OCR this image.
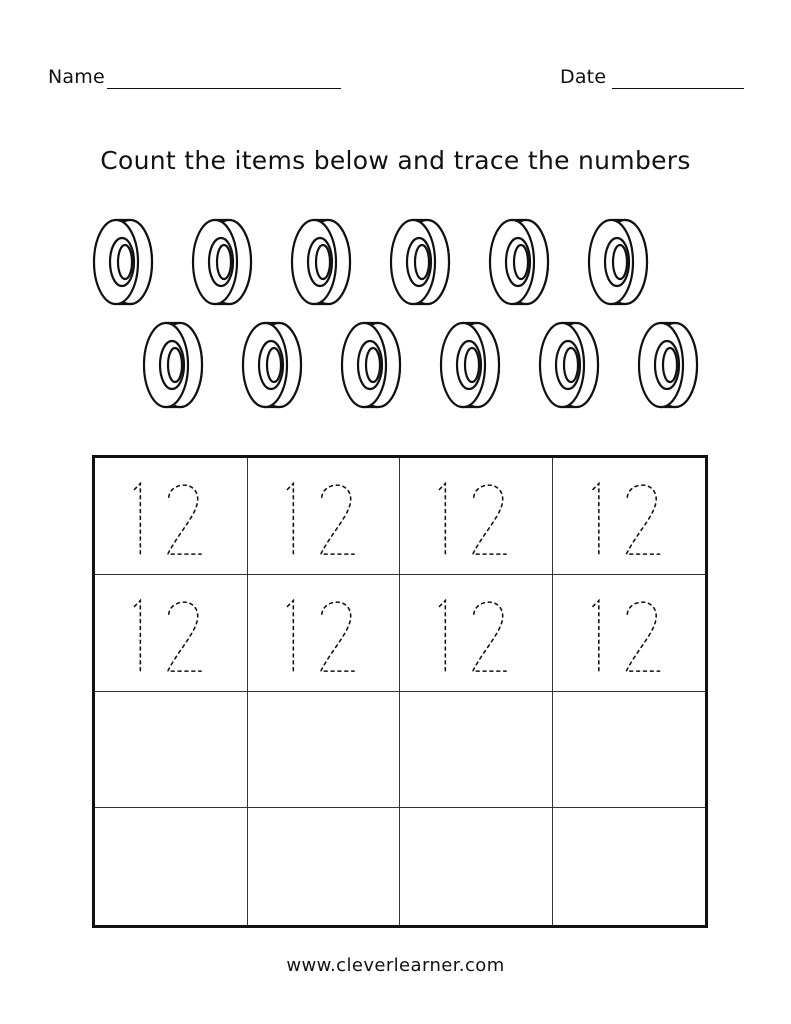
Name	Date
Count the items below and trace the numbers
www.cleverlearner.com
